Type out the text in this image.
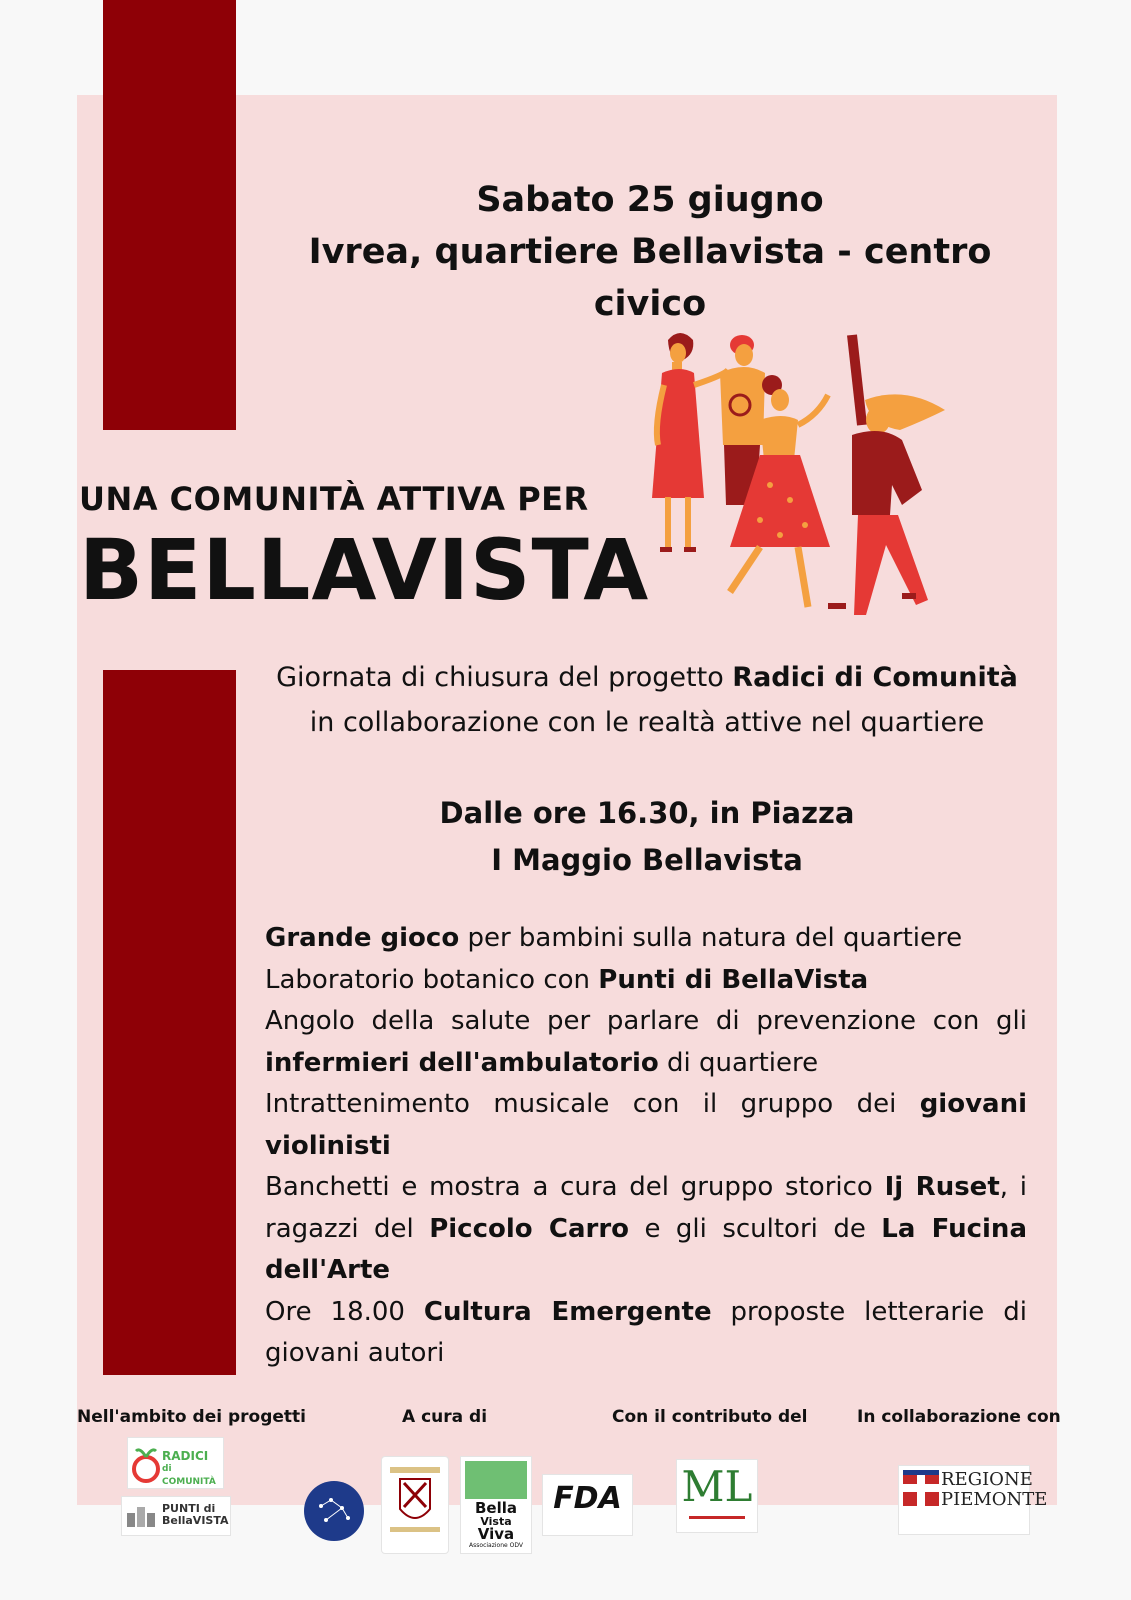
Sabato 25 giugno
Ivrea, quartiere Bellavista - centro civico
UNA COMUNITÀ ATTIVA PER
BELLAVISTA
Giornata di chiusura del progetto Radici di Comunità
in collaborazione con le realtà attive nel quartiere
Dalle ore 16.30, in Piazza
I Maggio Bellavista

Grande gioco per bambini sulla natura del quartiere

Laboratorio botanico con Punti di BellaVista

Angolo della salute per parlare di prevenzione con gli infermieri dell'ambulatorio di quartiere

Intrattenimento musicale con il gruppo dei giovani violinisti

Banchetti e mostra a cura del gruppo storico Ij Ruset, i ragazzi del Piccolo Carro e gli scultori de La Fucina dell'Arte

Ore 18.00 Cultura Emergente proposte letterarie di giovani autori

Nell'ambito dei progetti	A cura di	Con il contributo del	In collaborazione con
RADICI
di COMUNITÀ
PUNTI di
BellaVISTA
Bella
Vista
Viva
Associazione ODV
FDA ML	REGIONE
PIEMONTE
